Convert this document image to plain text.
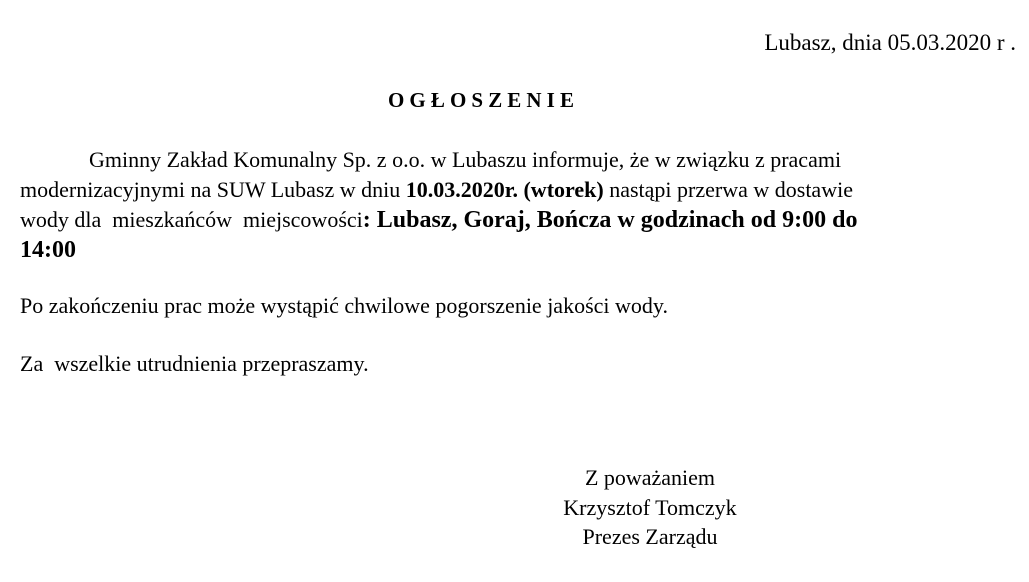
Lubasz, dnia 05.03.2020 r .
OGŁOSZENIE
Gminny Zakład Komunalny Sp. z o.o. w Lubaszu informuje, że w związku z pracami
modernizacyjnymi na SUW Lubasz w dniu 10.03.2020r. (wtorek) nastąpi przerwa w dostawie
wody dla  mieszkańców  miejscowości: Lubasz, Goraj, Bończa w godzinach od 9:00 do
14:00
Po zakończeniu prac może wystąpić chwilowe pogorszenie jakości wody.
Za  wszelkie utrudnienia przepraszamy.
Z poważaniem
Krzysztof Tomczyk
Prezes Zarządu
